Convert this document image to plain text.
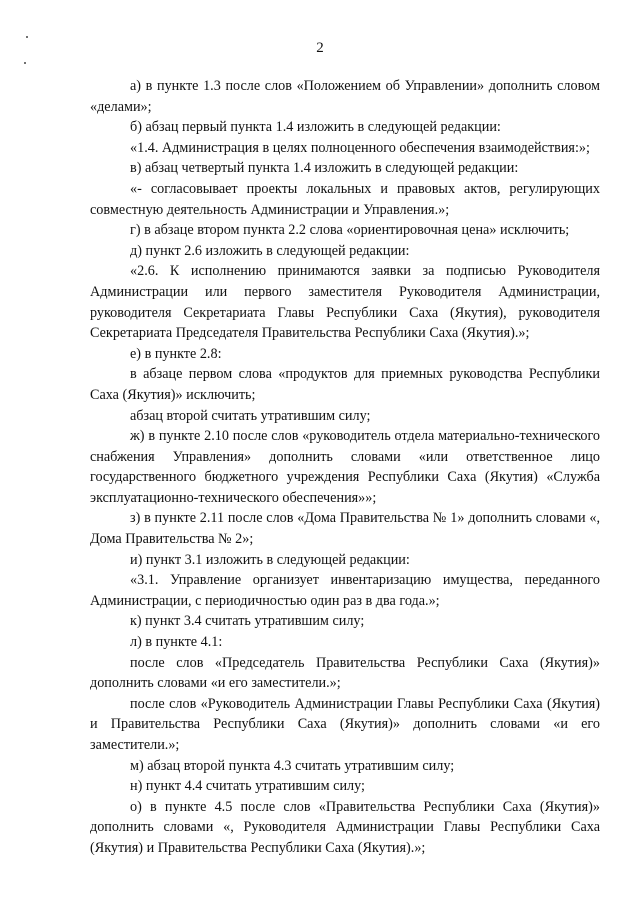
2

а) в пункте 1.3 после слов «Положением об Управлении» дополнить словом «делами»;

б) абзац первый пункта 1.4 изложить в следующей редакции:

«1.4. Администрация в целях полноценного обеспечения взаимодействия:»;

в) абзац четвертый пункта 1.4 изложить в следующей редакции:

«- согласовывает проекты локальных и правовых актов, регулирующих совместную деятельность Администрации и Управления.»;

г) в абзаце втором пункта 2.2 слова «ориентировочная цена» исключить;

д) пункт 2.6 изложить в следующей редакции:

«2.6. К исполнению принимаются заявки за подписью Руководителя Администрации или первого заместителя Руководителя Администрации, руководителя Секретариата Главы Республики Саха (Якутия), руководителя Секретариата Председателя Правительства Республики Саха (Якутия).»;

е) в пункте 2.8:

в абзаце первом слова «продуктов для приемных руководства Республики Саха (Якутия)» исключить;

абзац второй считать утратившим силу;

ж) в пункте 2.10 после слов «руководитель отдела материально-технического снабжения Управления» дополнить словами «или ответственное лицо государственного бюджетного учреждения Республики Саха (Якутия) «Служба эксплуатационно-технического обеспечения»»;

з) в пункте 2.11 после слов «Дома Правительства № 1» дополнить словами «, Дома Правительства № 2»;

и) пункт 3.1 изложить в следующей редакции:

«3.1. Управление организует инвентаризацию имущества, переданного Администрации, с периодичностью один раз в два года.»;

к) пункт 3.4 считать утратившим силу;

л) в пункте 4.1:

после слов «Председатель Правительства Республики Саха (Якутия)» дополнить словами «и его заместители.»;

после слов «Руководитель Администрации Главы Республики Саха (Якутия) и Правительства Республики Саха (Якутия)» дополнить словами «и его заместители.»;

м) абзац второй пункта 4.3 считать утратившим силу;

н) пункт 4.4 считать утратившим силу;

о) в пункте 4.5 после слов «Правительства Республики Саха (Якутия)» дополнить словами «, Руководителя Администрации Главы Республики Саха (Якутия) и Правительства Республики Саха (Якутия).»;
